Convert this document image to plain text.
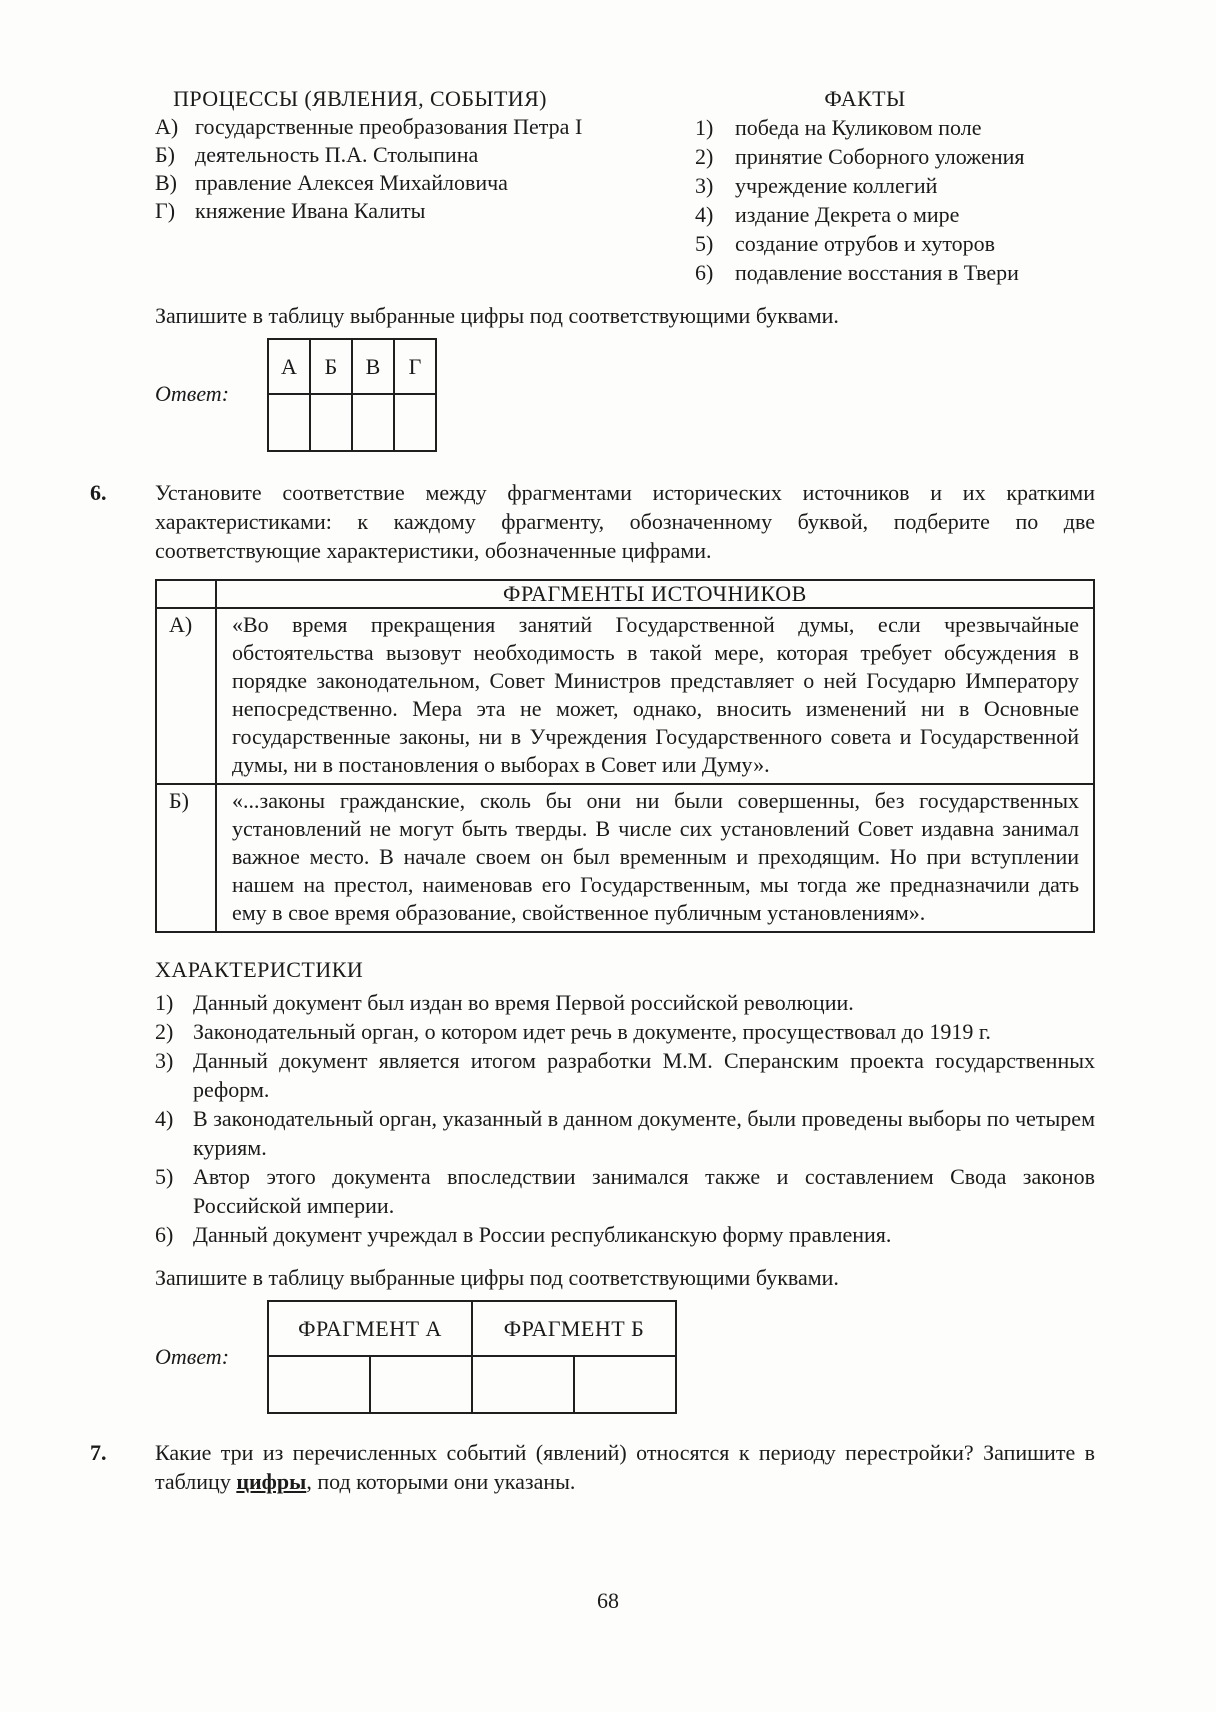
ПРОЦЕССЫ (ЯВЛЕНИЯ, СОБЫТИЯ)
А) государственные преобразования Петра I
Б) деятельность П.А. Столыпина
В) правление Алексея Михайловича
Г) княжение Ивана Калиты
ФАКТЫ
1) победа на Куликовом поле
2) принятие Соборного уложения
3) учреждение коллегий
4) издание Декрета о мире
5) создание отрубов и хуторов
6) подавление восстания в Твери

Запишите в таблицу выбранные цифры под соответствующими буквами.

Ответ:
А	Б	В	Г

6.	Установите соответствие между фрагментами исторических источников и их краткими характеристиками: к каждому фрагменту, обозначенному буквой, подберите по две соответствующие характеристики, обозначенные цифрами.
	ФРАГМЕНТЫ ИСТОЧНИКОВ
А)	«Во время прекращения занятий Государственной думы, если чрезвычайные обстоятельства вызовут необходимость в такой мере, которая требует обсуждения в порядке законодательном, Совет Министров представляет о ней Государю Императору непосредственно. Мера эта не может, однако, вносить изменений ни в Основные государственные законы, ни в Учреждения Государственного совета и Государственной думы, ни в постановления о выборах в Совет или Думу».
Б)	«...законы гражданские, сколь бы они ни были совершенны, без государственных установлений не могут быть тверды. В числе сих установлений Совет издавна занимал важное место. В начале своем он был временным и преходящим. Но при вступлении нашем на престол, наименовав его Государственным, мы тогда же предназначили дать ему в свое время образование, свойственное публичным установлениям».
ХАРАКТЕРИСТИКИ
1) Данный документ был издан во время Первой российской революции.
2) Законодательный орган, о котором идет речь в документе, просуществовал до 1919 г.
3) Данный документ является итогом разработки М.М. Сперанским проекта государственных реформ.
4) В законодательный орган, указанный в данном документе, были проведены выборы по четырем куриям.
5) Автор этого документа впоследствии занимался также и составлением Свода законов Российской империи.
6) Данный документ учреждал в России республиканскую форму правления.

Запишите в таблицу выбранные цифры под соответствующими буквами.

Ответ:
ФРАГМЕНТ А		ФРАГМЕНТ Б	

7.	Какие три из перечисленных событий (явлений) относятся к периоду перестройки? Запишите в таблицу цифры, под которыми они указаны.
68
